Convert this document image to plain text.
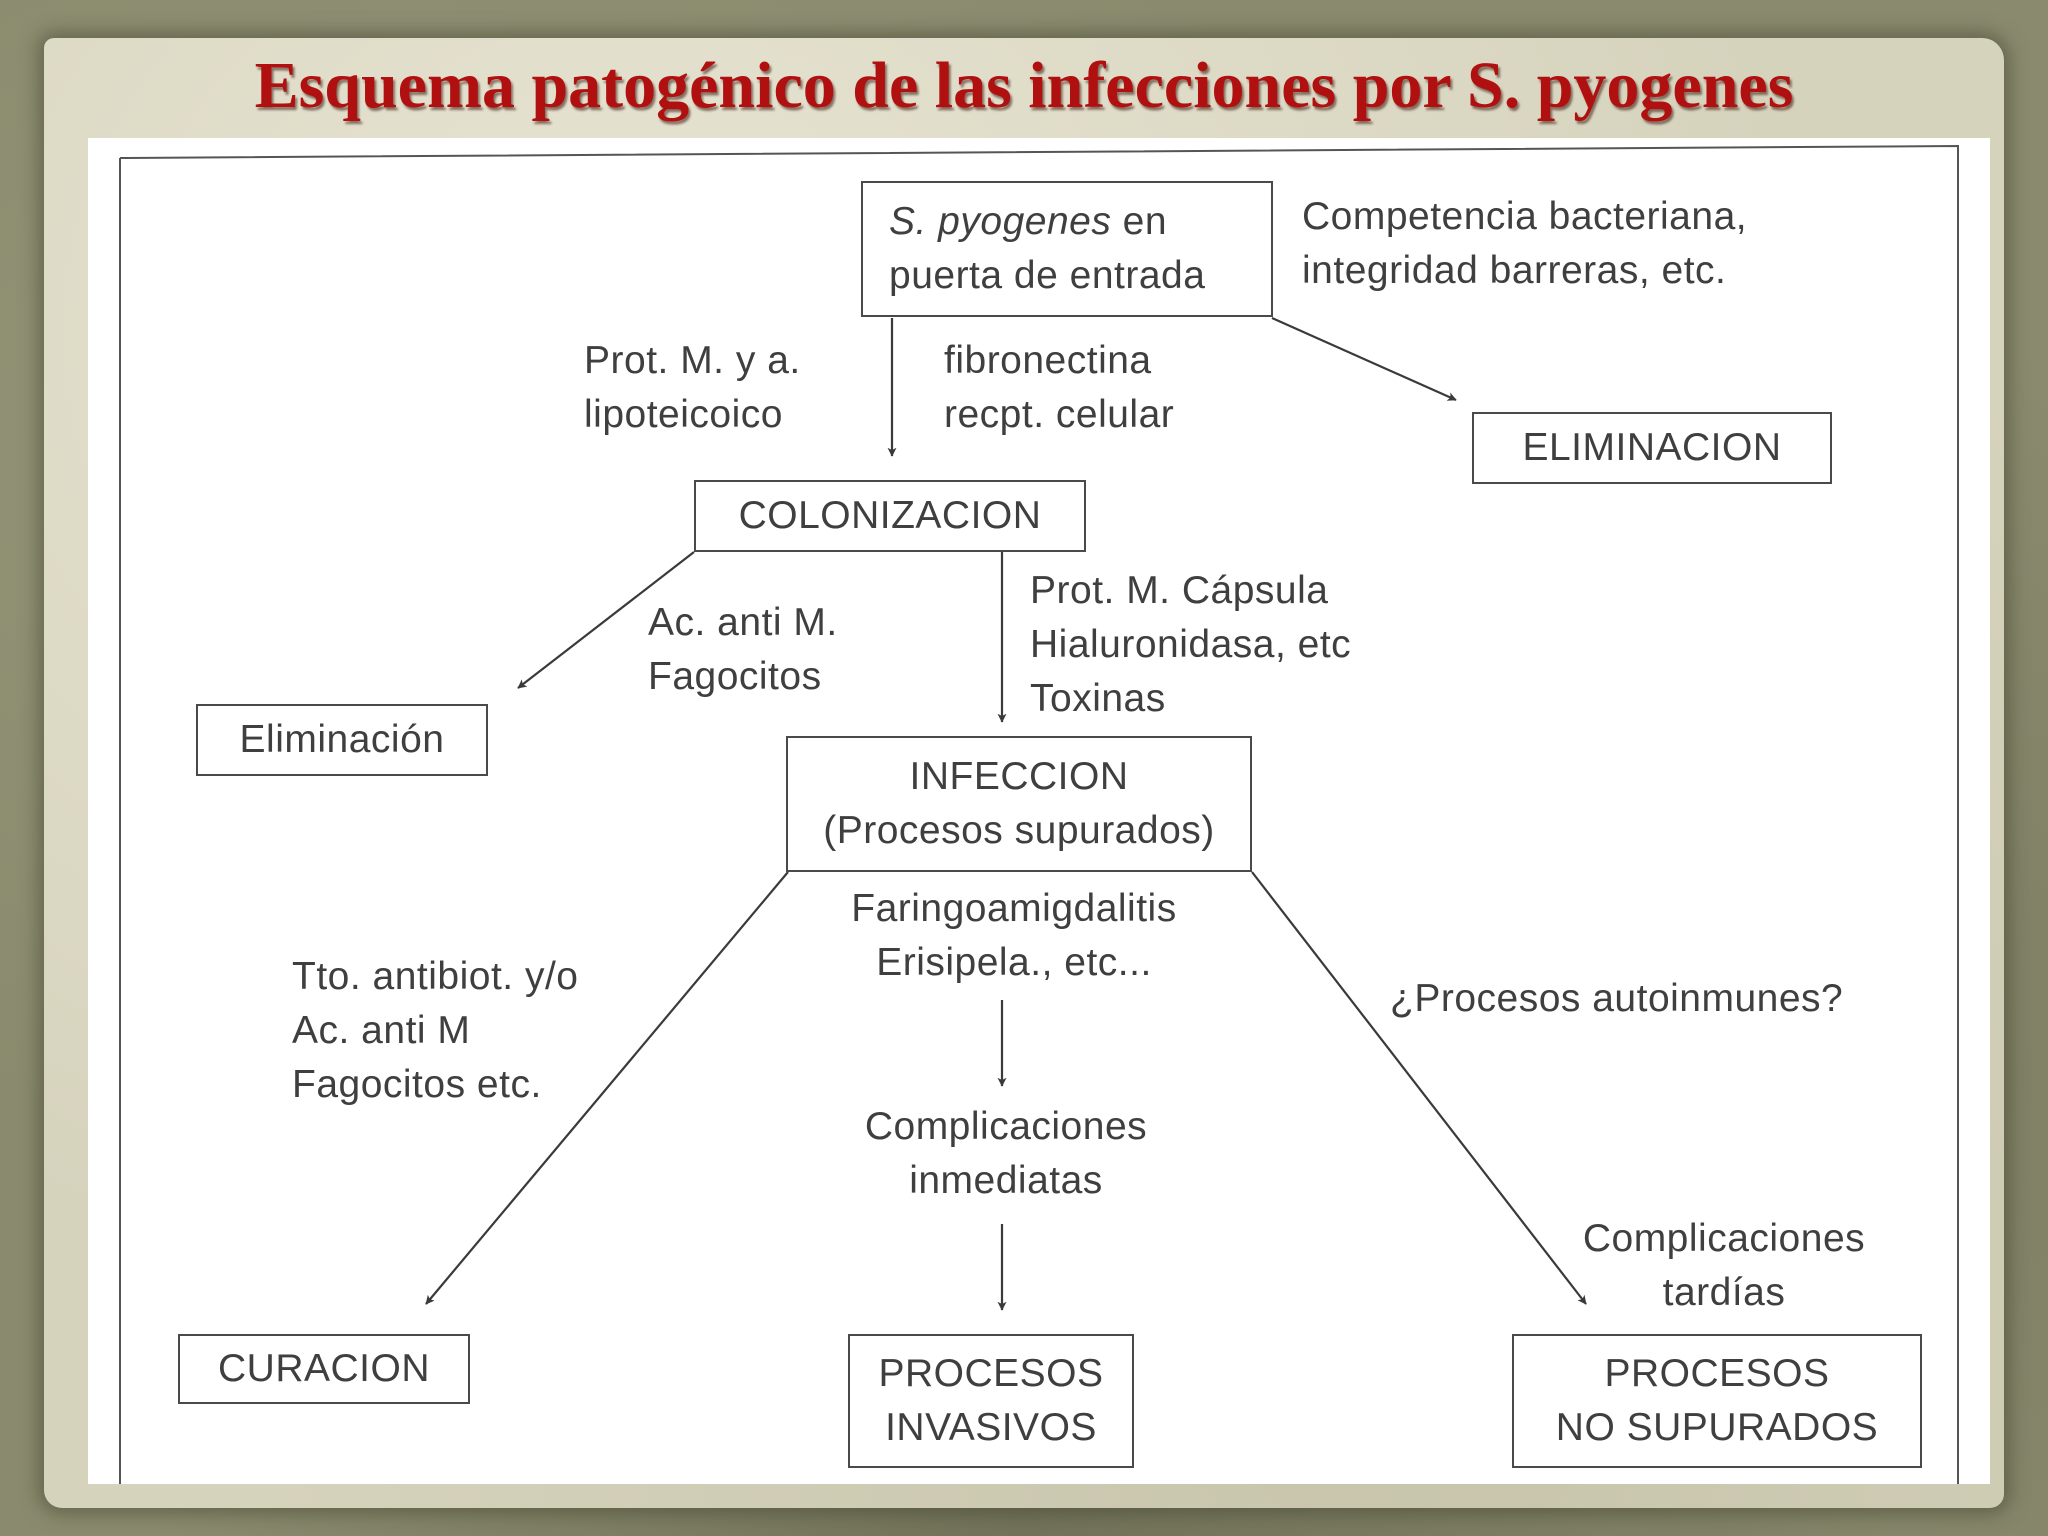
Esquema patogénico de las infecciones por S. pyogenes
S. pyogenes en
puerta de entrada
ELIMINACION
COLONIZACION
Eliminación
INFECCION
(Procesos supurados)
CURACION	PROCESOS
INVASIVOS
PROCESOS
NO SUPURADOS
Competencia bacteriana,
integridad barreras, etc.
Prot. M. y a.
lipoteicoico
fibronectina
recpt. celular
Ac. anti M.
Fagocitos
Prot. M. Cápsula
Hialuronidasa, etc
Toxinas
Faringoamigdalitis
Erisipela., etc...
Tto. antibiot. y/o
Ac. anti M
Fagocitos etc.
Complicaciones
inmediatas
¿Procesos autoinmunes?
Complicaciones
tardías
